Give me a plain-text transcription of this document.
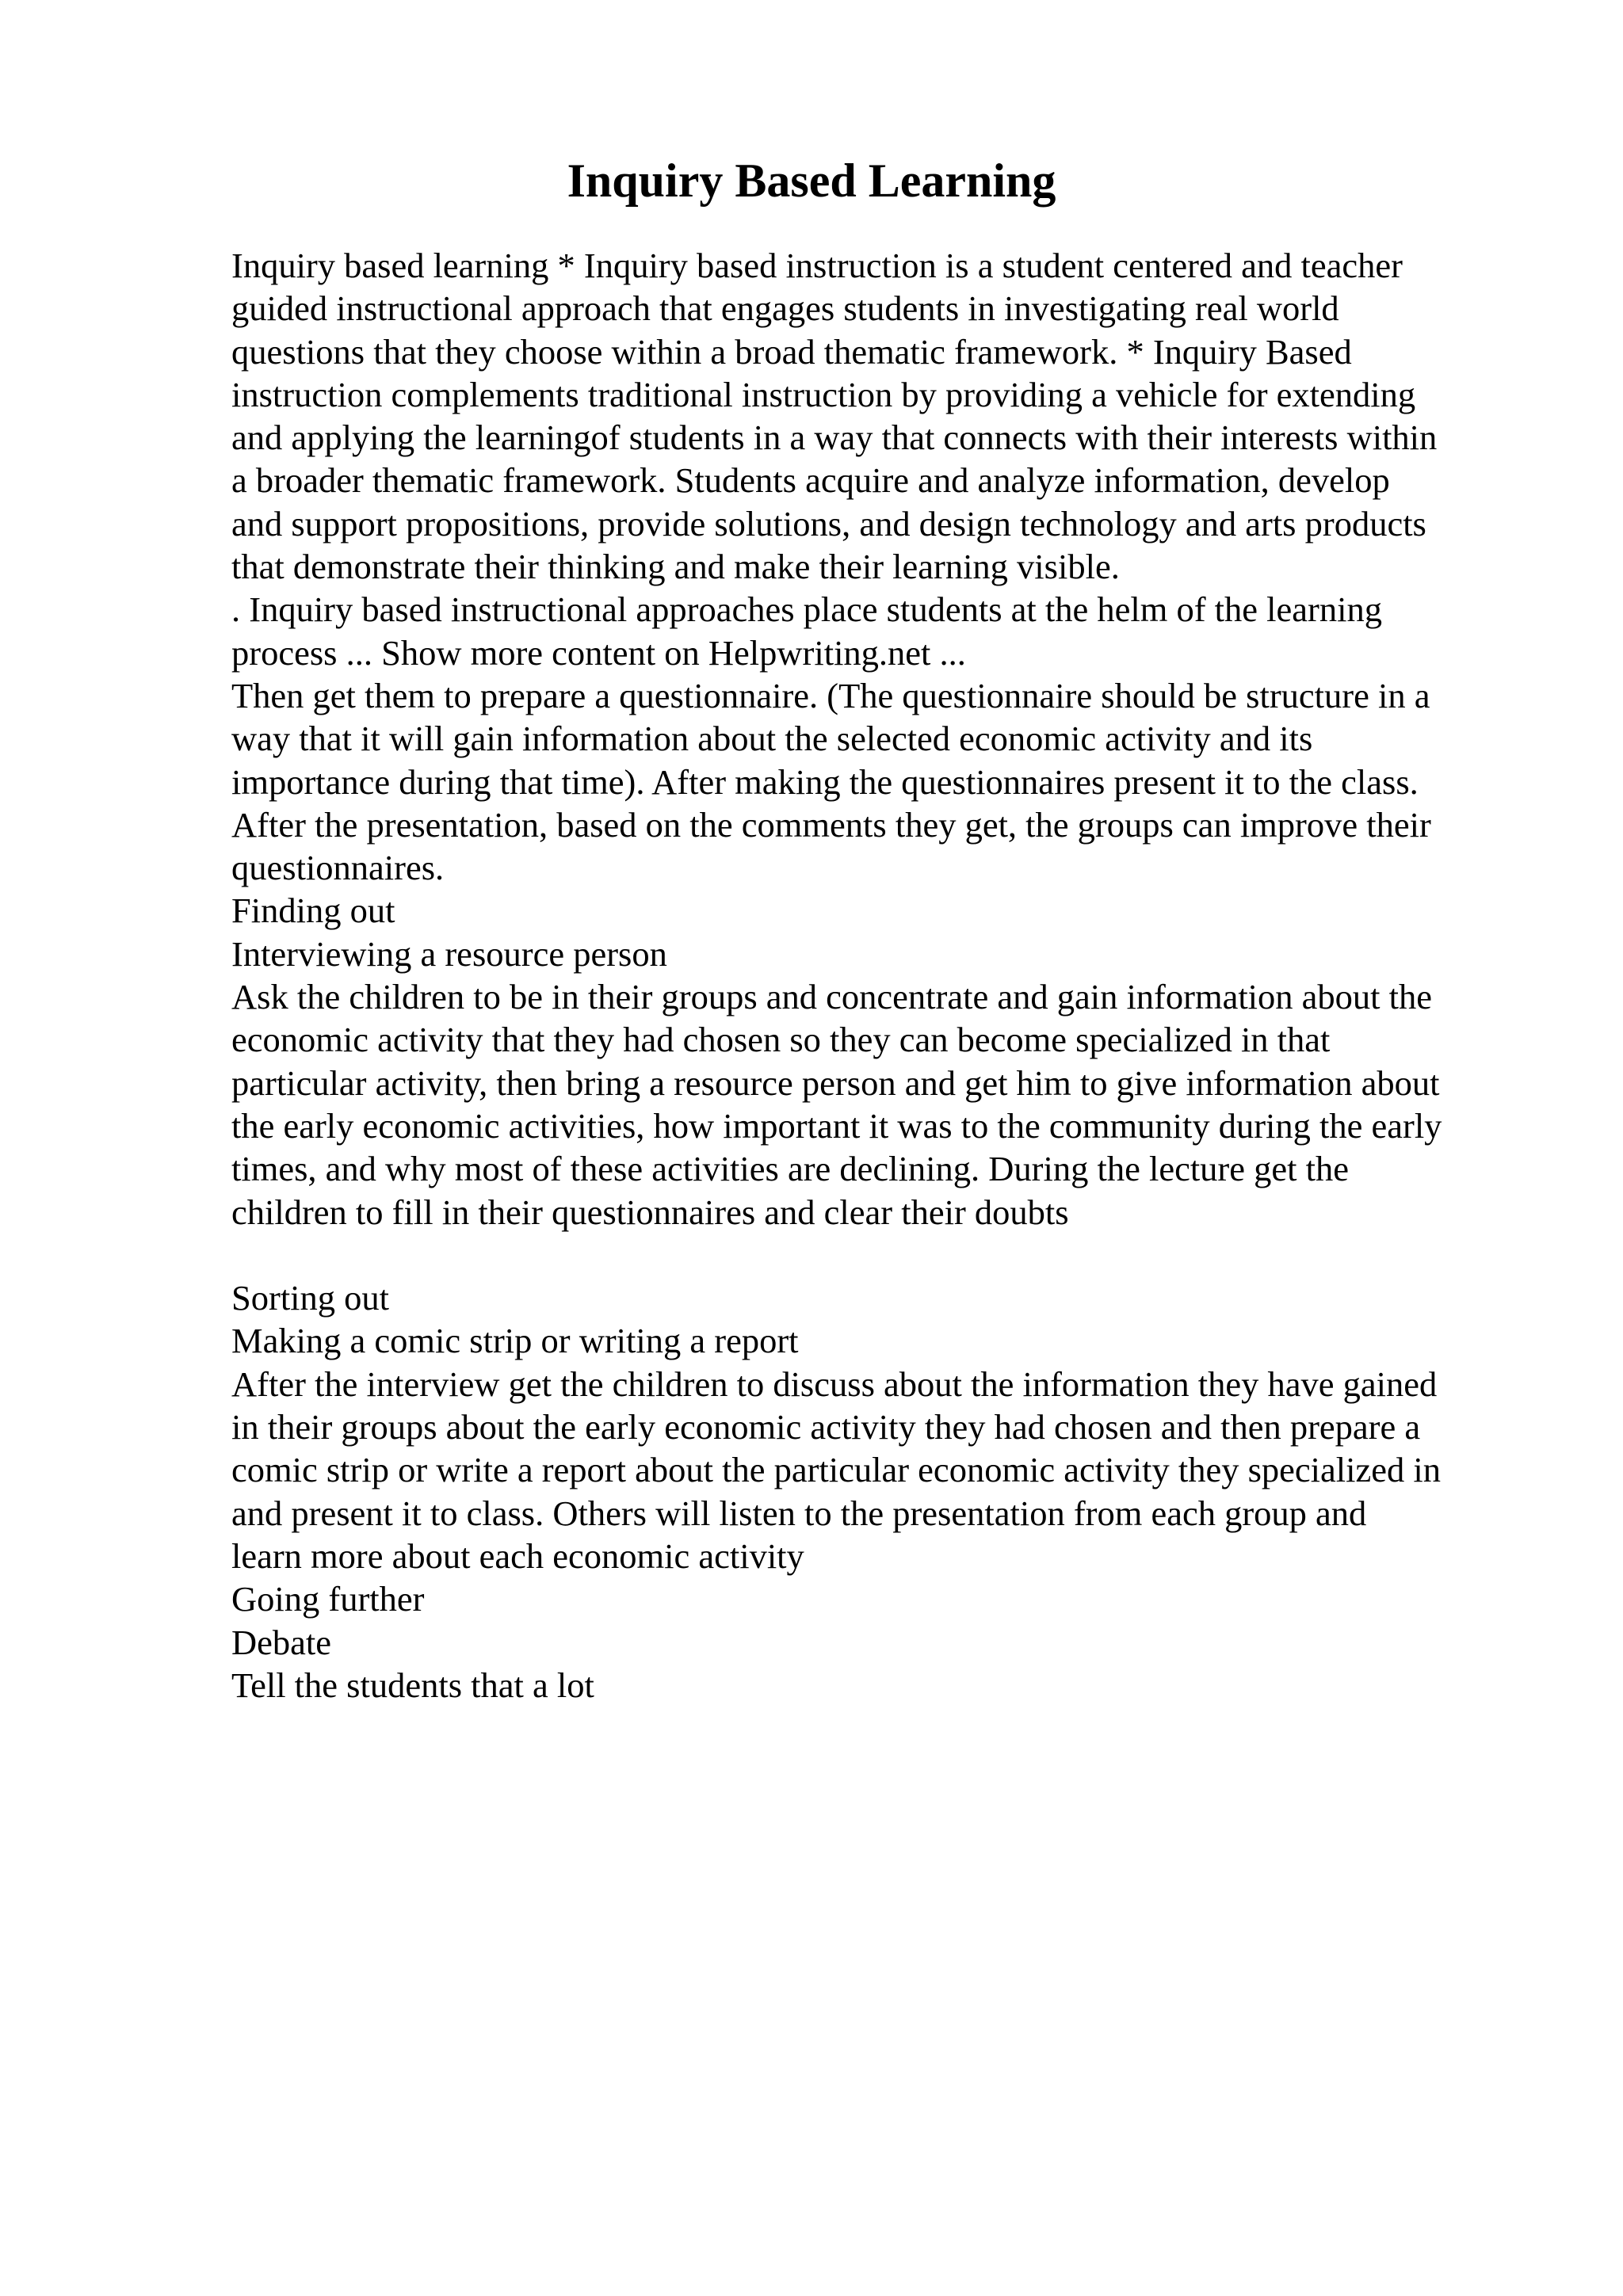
Inquiry Based Learning
Inquiry based learning * Inquiry based instruction is a student centered and teacher
guided instructional approach that engages students in investigating real world
questions that they choose within a broad thematic framework. * Inquiry Based
instruction complements traditional instruction by providing a vehicle for extending
and applying the learningof students in a way that connects with their interests within
a broader thematic framework. Students acquire and analyze information, develop
and support propositions, provide solutions, and design technology and arts products
that demonstrate their thinking and make their learning visible.
. Inquiry based instructional approaches place students at the helm of the learning
process ... Show more content on Helpwriting.net ...
Then get them to prepare a questionnaire. (The questionnaire should be structure in a
way that it will gain information about the selected economic activity and its
importance during that time). After making the questionnaires present it to the class.
After the presentation, based on the comments they get, the groups can improve their
questionnaires.
Finding out
Interviewing a resource person
Ask the children to be in their groups and concentrate and gain information about the
economic activity that they had chosen so they can become specialized in that
particular activity, then bring a resource person and get him to give information about
the early economic activities, how important it was to the community during the early
times, and why most of these activities are declining. During the lecture get the
children to fill in their questionnaires and clear their doubts
Sorting out
Making a comic strip or writing a report
After the interview get the children to discuss about the information they have gained
in their groups about the early economic activity they had chosen and then prepare a
comic strip or write a report about the particular economic activity they specialized in
and present it to class. Others will listen to the presentation from each group and
learn more about each economic activity
Going further
Debate
Tell the students that a lot
